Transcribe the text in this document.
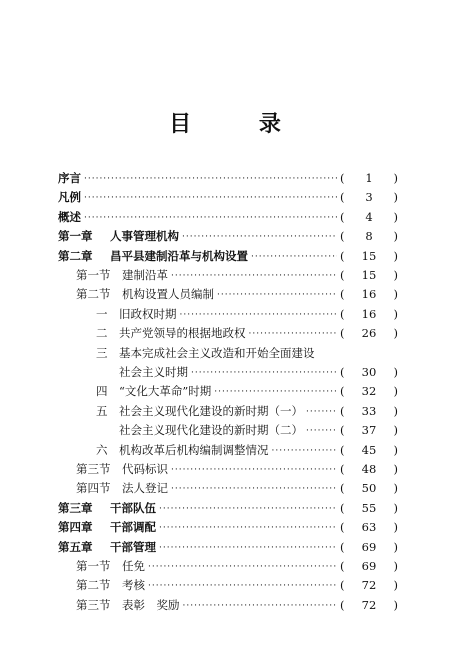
目 录
序言 ·····	(	1	)
凡例 ·····	(	3	)
概述 ·····	(	4	)
第一章	人事管理机构 ·····	(	8	)
第二章	昌平县建制沿革与机构设置 ·····	(	15	)
第一节	建制沿革 ·····	(	15	)
第二节	机构设置人员编制 ·····	(	16	)
一	旧政权时期 ·····	(	16	)
二	共产党领导的根据地政权 ·····	(	26	)
三	基本完成社会主义改造和开始全面建设
社会主义时期 ·····	(	30	)
四	“文化大革命”时期 ·····	(	32	)
五	社会主义现代化建设的新时期（一） ·····	(	33	)
社会主义现代化建设的新时期（二） ·····	(	37	)
六	机构改革后机构编制调整情况 ·····	(	45	)
第三节	代码标识 ·····	(	48	)
第四节	法人登记 ·····	(	50	)
第三章	干部队伍 ·····	(	55	)
第四章	干部调配 ·····	(	63	)
第五章	干部管理 ·····	(	69	)
第一节	任免 ·····	(	69	)
第二节	考核 ·····	(	72	)
第三节	表彰　奖励 ·····	(	72	)
